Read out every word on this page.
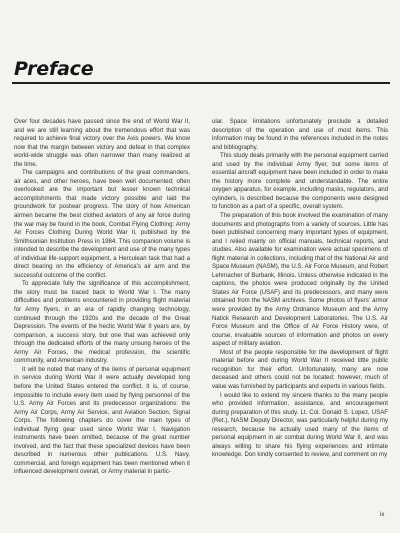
Preface

Over four decades have passed since the end of World War II, and we are still learning about the tremendous effort that was required to achieve final victory over the Axis powers. We know now that the margin between victory and defeat in that complex world-wide struggle was often narrower than many realized at the time.

The campaigns and contributions of the great commanders, air aces, and other heroes, have been well documented; often overlooked are the important but lesser known technical accomplishments that made victory possible and laid the groundwork for postwar progress. The story of how American airmen became the best clothed aviators of any air force during the war may be found in the book, Combat Flying Clothing: Army Air Forces Clothing During World War II, published by the Smithsonian Institution Press in 1984. This companion volume is intended to describe the development and use of the many types of individual life-support equipment, a Herculean task that had a direct bearing on the efficiency of America's air arm and the successful outcome of the conflict.

To appreciate fully the significance of this accomplishment, the story must be traced back to World War I. The many difficulties and problems encountered in providing flight material for Army flyers, in an era of rapidly changing technology, continued through the 1920s and the decade of the Great Depression. The events of the hectic World War II years are, by comparison, a success story, but one that was achieved only through the dedicated efforts of the many unsung heroes of the Army Air Forces, the medical profession, the scientific community, and American industry.

It will be noted that many of the items of personal equipment in service during World War II were actually developed long before the United States entered the conflict. It is, of course, impossible to include every item used by flying personnel of the U.S. Army Air Forces and its predecessor organizations: the Army Air Corps, Army Air Service, and Aviation Section, Signal Corps. The following chapters do cover the main types of individual flying gear used since World War I. Navigation instruments have been omitted, because of the great number involved, and the fact that these specialized devices have been described in numerous other publications. U.S. Navy, commercial, and foreign equipment has been mentioned when it influenced development overall, or Army material in partic-

ular. Space limitations unfortunately preclude a detailed description of the operation and use of most items. This information may be found in the references included in the notes and bibliography.

This study deals primarily with the personal equipment carried and used by the individual Army flyer, but some items of essential aircraft equipment have been included in order to make the history more complete and understandable. The entire oxygen apparatus, for example, including masks, regulators, and cylinders, is described because the components were designed to function as a part of a specific, overall system.

The preparation of this book involved the examination of many documents and photographs from a variety of sources. Little has been published concerning many important types of equipment, and I relied mainly on official manuals, technical reports, and studies. Also available for examination were actual specimens of flight material in collections, including that of the National Air and Space Museum (NASM), the U.S. Air Force Museum, and Robert Lehmacher of Burbank, Illinois. Unless otherwise indicated in the captions, the photos were produced originally by the United States Air Force (USAF) and its predecessors, and many were obtained from the NASM archives. Some photos of flyers' armor were provided by the Army Ordnance Museum and the Army Natick Research and Development Laboratories. The U.S. Air Force Museum and the Office of Air Force History were, of course, invaluable sources of information and photos on every aspect of military aviation.

Most of the people responsible for the development of flight material before and during World War II received little public recognition for their effort. Unfortunately, many are now deceased and others could not be located; however, much of value was furnished by participants and experts in various fields.

I would like to extend my sincere thanks to the many people who provided information, assistance, and encouragement during preparation of this study. Lt. Col. Donald S. Lopez, USAF (Ret.), NASM Deputy Director, was particularly helpful during my research, because he actually used many of the items of personal equipment in air combat during World War II, and was always willing to share his flying experiences and intimate knowledge. Don kindly consented to review, and comment on my

ix
